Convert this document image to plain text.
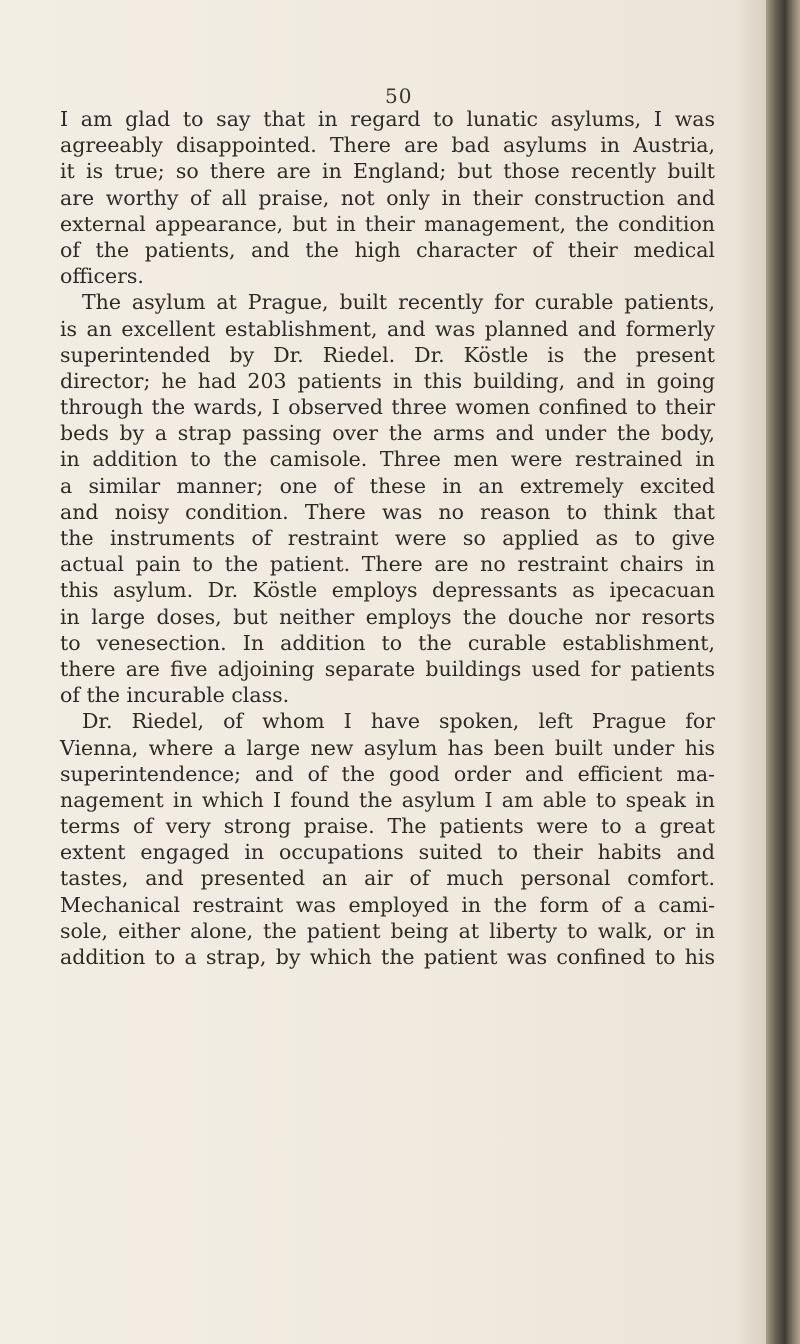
50
I am glad to say that in regard to lunatic asylums, I was
agreeably disappointed. There are bad asylums in Austria,
it is true; so there are in England; but those recently built
are worthy of all praise, not only in their construction and
external appearance, but in their management, the condition
of the patients, and the high character of their medical
officers.
The asylum at Prague, built recently for curable patients,
is an excellent establishment, and was planned and formerly
superintended by Dr. Riedel. Dr. Köstle is the present
director; he had 203 patients in this building, and in going
through the wards, I observed three women confined to their
beds by a strap passing over the arms and under the body,
in addition to the camisole. Three men were restrained in
a similar manner; one of these in an extremely excited
and noisy condition. There was no reason to think that
the instruments of restraint were so applied as to give
actual pain to the patient. There are no restraint chairs in
this asylum. Dr. Köstle employs depressants as ipecacuan
in large doses, but neither employs the douche nor resorts
to venesection. In addition to the curable establishment,
there are five adjoining separate buildings used for patients
of the incurable class.
Dr. Riedel, of whom I have spoken, left Prague for
Vienna, where a large new asylum has been built under his
superintendence; and of the good order and efficient ma-
nagement in which I found the asylum I am able to speak in
terms of very strong praise. The patients were to a great
extent engaged in occupations suited to their habits and
tastes, and presented an air of much personal comfort.
Mechanical restraint was employed in the form of a cami-
sole, either alone, the patient being at liberty to walk, or in
addition to a strap, by which the patient was confined to his
